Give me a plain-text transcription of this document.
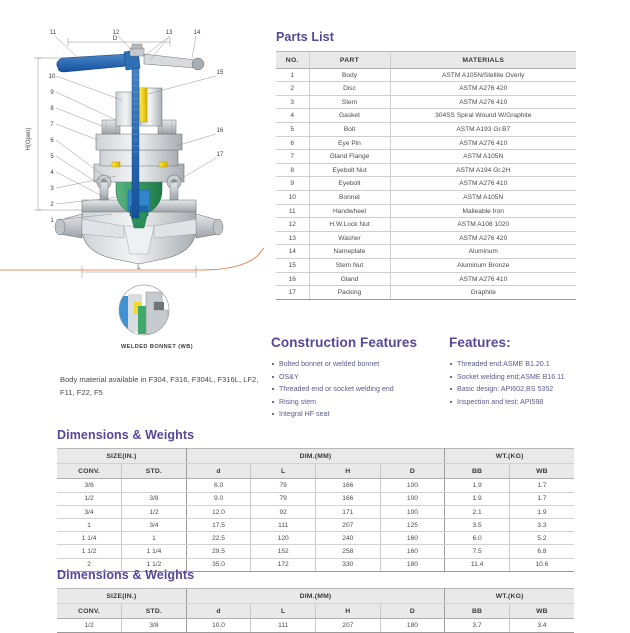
D
H(Open)
L
11	12	13	14
15
16
17
10
9
8
7
6
5
4
3
2
1
WELDED BONNET (WB)
Body material available in F304, F316, F304L, F316L, LF2, F11, F22, F5
Parts List
NO.	PART	MATERIALS
1	Body	ASTM A105N/Stellite Overly
2	Disc	ASTM A276 420
3	Stem	ASTM A276 410
4	Gasket	304SS Spiral Wound W/Graphite
5	Bolt	ASTM A193 Gr.B7
6	Eye Pin	ASTM A276 410
7	Gland Flange	ASTM A105N
8	Eyebolt Nut	ASTM A194 Gr.2H
9	Eyebolt	ASTM A276 410
10	Bonnet	ASTM A105N
11	Handwheel	Malleable Iron
12	H.W.Lock Nut	ASTM A108 1020
13	Washer	ASTM A276 420
14	Nameplate	Aluminum
15	Stem Nut	Aluminum Bronze
16	Gland	ASTM A276 410
17	Packing	Graphite
Construction Features
Bolted bonnet or welded bonnet
OS&Y
Threaded end or socket welding end
Rising stem
Integral HF seat
Features:
Threaded end:ASME B1.20.1
Socket welding end;ASME B16.11
Basic design: API602,BS 5352
Inspection and test: API598
Dimensions & Weights
SIZE(IN.)		DIM.(MM)				WT.(KG)	
CONV.	STD.	d	L	H	D	BB	WB
3/8		6.0	79	166	100	1.9	1.7
1/2	3/8	9.0	79	166	100	1.9	1.7
3/4	1/2	12.0	92	171	100	2.1	1.9
1	3/4	17.5	111	207	125	3.5	3.3
1 1/4	1	22.5	120	240	160	6.0	5.2
1 1/2	1 1/4	29.5	152	258	160	7.5	6.8
2	1 1/2	35.0	172	330	180	11.4	10.6
Dimensions & Weights
SIZE(IN.)		DIM.(MM)				WT.(KG)	
CONV.	STD.	d	L	H	D	BB	WB
1/2	3/8	10.0	111	207	180	3.7	3.4
